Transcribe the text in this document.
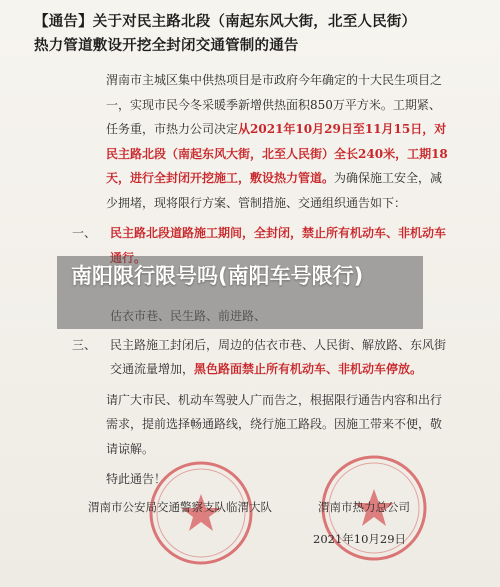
【通告】关于对民主路北段（南起东风大街，北至人民街）
热力管道敷设开挖全封闭交通管制的通告

渭南市主城区集中供热项目是市政府今年确定的十大民生项目之一，实现市民今冬采暖季新增供热面积850万平方米。工期紧、任务重，市热力公司决定从2021年10月29日至11月15日，对民主路北段（南起东风大街，北至人民街）全长240米，工期18天，进行全封闭开挖施工，敷设热力管道。为确保施工安全，减少拥堵，现将限行方案、管制措施、交通组织通告如下：

一、 民主路北段道路施工期间，全封闭，禁止所有机动车、非机动车

三、 民主路施工封闭后，周边的估衣市巷、人民街、解放路、东风街交通流量增加，黑色路面禁止所有机动车、非机动车停放。

请广大市民、机动车驾驶人广而告之，根据限行通告内容和出行需求，提前选择畅通路线，绕行施工路段。因施工带来不便，敬请谅解。

特此通告！

渭南市公安局交通警察支队临渭大队	渭南市热力总公司
2021年10月29日
南阳限行限号吗(南阳车号限行)
